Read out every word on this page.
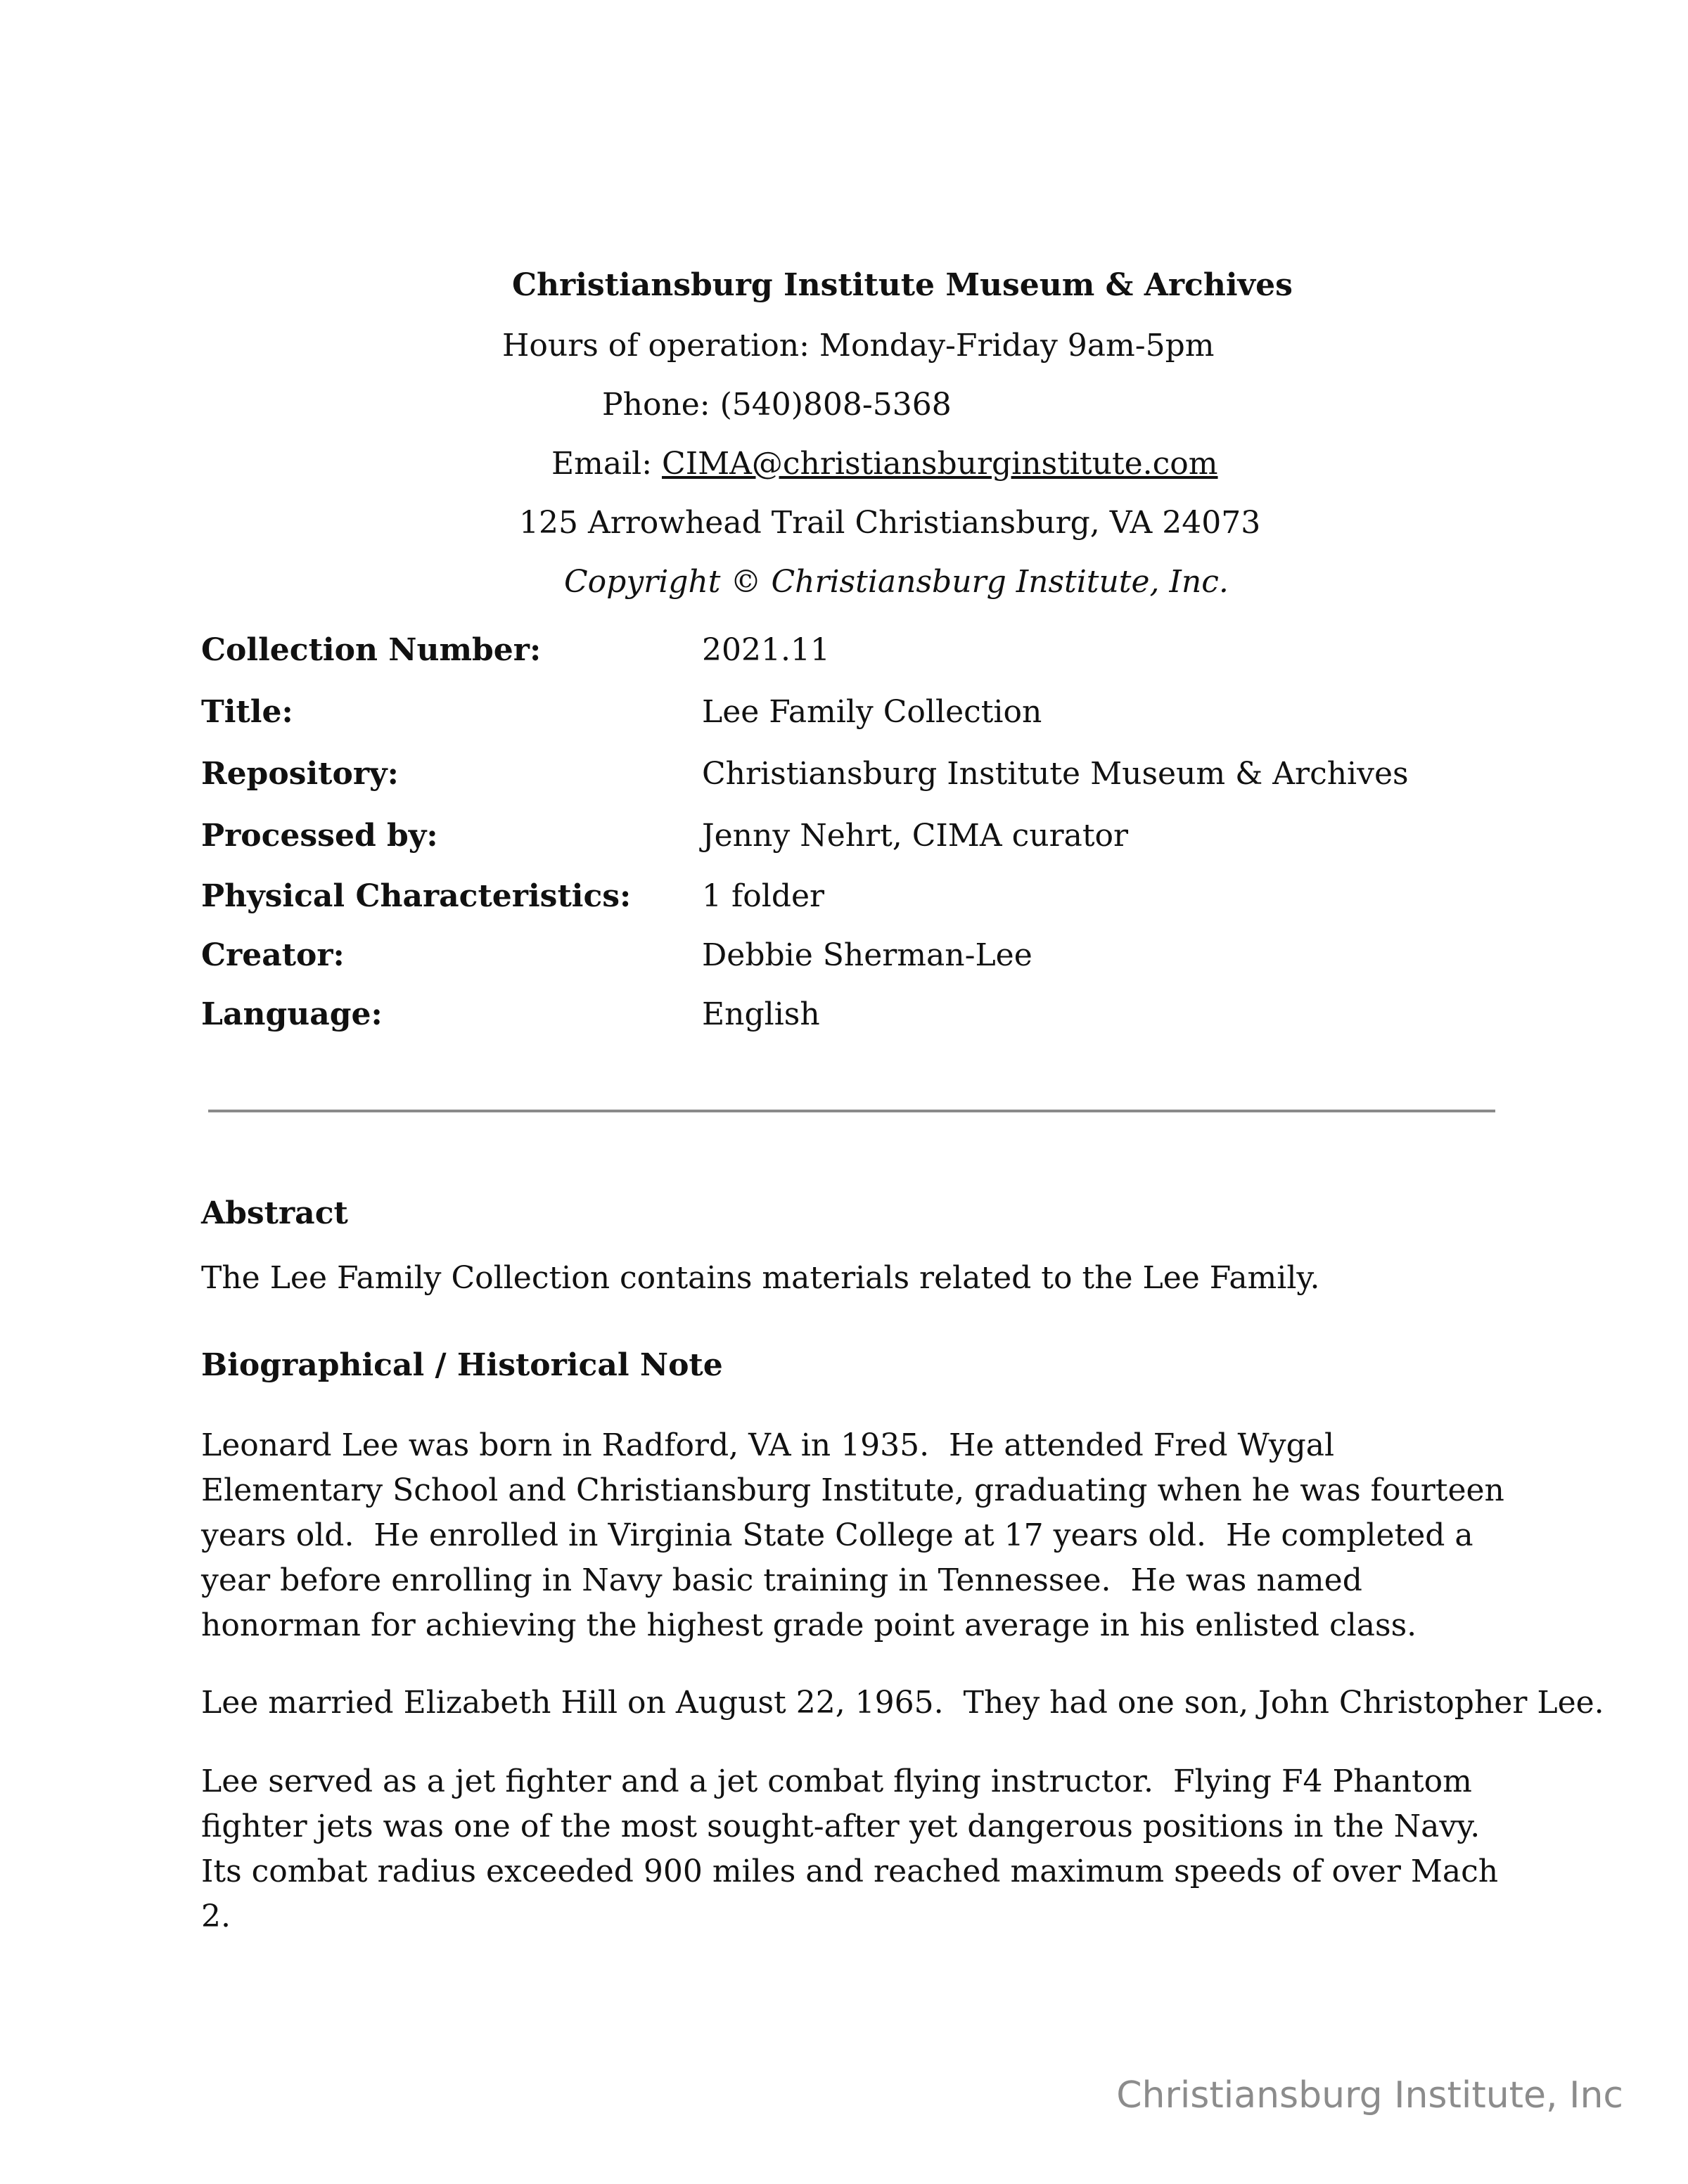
Christiansburg Institute Museum & Archives
Hours of operation: Monday-Friday 9am-5pm
Phone: (540)808-5368
Email: CIMA@christiansburginstitute.com
125 Arrowhead Trail Christiansburg, VA 24073
Copyright © Christiansburg Institute, Inc.
Collection Number:	2021.11
Title:	Lee Family Collection
Repository:	Christiansburg Institute Museum & Archives
Processed by:	Jenny Nehrt, CIMA curator
Physical Characteristics:	1 folder
Creator:	Debbie Sherman-Lee
Language:	English
Abstract
The Lee Family Collection contains materials related to the Lee Family.
Biographical / Historical Note
Leonard Lee was born in Radford, VA in 1935.  He attended Fred Wygal Elementary School and Christiansburg Institute, graduating when he was fourteen years old.  He enrolled in Virginia State College at 17 years old.  He completed a year before enrolling in Navy basic training in Tennessee.  He was named honorman for achieving the highest grade point average in his enlisted class.
Lee married Elizabeth Hill on August 22, 1965.  They had one son, John Christopher Lee.
Lee served as a jet fighter and a jet combat flying instructor.  Flying F4 Phantom fighter jets was one of the most sought-after yet dangerous positions in the Navy.  Its combat radius exceeded 900 miles and reached maximum speeds of over Mach 2.
Christiansburg Institute, Inc
